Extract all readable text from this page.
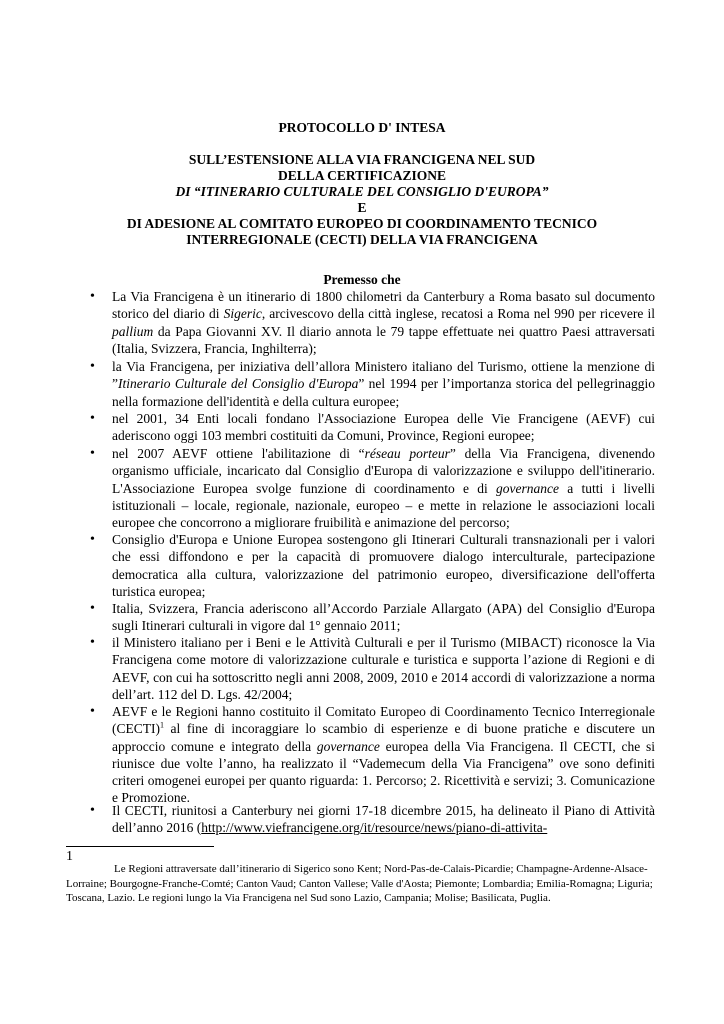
PROTOCOLLO D' INTESA

SULL’ESTENSIONE ALLA VIA FRANCIGENA NEL SUD

DELLA CERTIFICAZIONE

DI “ITINERARIO CULTURALE DEL CONSIGLIO D'EUROPA”

E

DI ADESIONE AL COMITATO EUROPEO DI COORDINAMENTO TECNICO

INTERREGIONALE (CECTI) DELLA VIA FRANCIGENA

Premesso che

• La Via Francigena è un itinerario di 1800 chilometri da Canterbury a Roma basato sul documento storico del diario di Sigeric, arcivescovo della città inglese, recatosi a Roma nel 990 per ricevere il pallium da Papa Giovanni XV. Il diario annota le 79 tappe effettuate nei quattro Paesi attraversati (Italia, Svizzera, Francia, Inghilterra);
• la Via Francigena, per iniziativa dell’allora Ministero italiano del Turismo, ottiene la menzione di ”Itinerario Culturale del Consiglio d'Europa” nel 1994 per l’importanza storica del pellegrinaggio nella formazione dell'identità e della cultura europee;
• nel 2001, 34 Enti locali fondano l'Associazione Europea delle Vie Francigene (AEVF) cui aderiscono oggi 103 membri costituiti da Comuni, Province, Regioni europee;
• nel 2007 AEVF ottiene l'abilitazione di “réseau porteur” della Via Francigena, divenendo organismo ufficiale, incaricato dal Consiglio d'Europa di valorizzazione e sviluppo dell'itinerario. L'Associazione Europea svolge funzione di coordinamento e di governance a tutti i livelli istituzionali – locale, regionale, nazionale, europeo – e mette in relazione le associazioni locali europee che concorrono a migliorare fruibilità e animazione del percorso;
• Consiglio d'Europa e Unione Europea sostengono gli Itinerari Culturali transnazionali per i valori che essi diffondono e per la capacità di promuovere dialogo interculturale, partecipazione democratica alla cultura, valorizzazione del patrimonio europeo, diversificazione dell'offerta turistica europea;
• Italia, Svizzera, Francia aderiscono all’Accordo Parziale Allargato (APA) del Consiglio d'Europa sugli Itinerari culturali in vigore dal 1° gennaio 2011;
• il Ministero italiano per i Beni e le Attività Culturali e per il Turismo (MIBACT) riconosce la Via Francigena come motore di valorizzazione culturale e turistica e supporta l’azione di Regioni e di AEVF, con cui ha sottoscritto negli anni 2008, 2009, 2010 e 2014 accordi di valorizzazione a norma dell’art. 112 del D. Lgs. 42/2004;
• AEVF e le Regioni hanno costituito il Comitato Europeo di Coordinamento Tecnico Interregionale (CECTI)$^1$ al fine di incoraggiare lo scambio di esperienze e di buone pratiche e discutere un approccio comune e integrato della governance europea della Via Francigena. Il CECTI, che si riunisce due volte l’anno, ha realizzato il “Vademecum della Via Francigena” ove sono definiti criteri omogenei europei per quanto riguarda: 1. Percorso; 2. Ricettività e servizi; 3. Comunicazione e Promozione.
• Il CECTI, riunitosi a Canterbury nei giorni 17-18 dicembre 2015, ha delineato il Piano di Attività dell’anno 2016 (http://www.viefrancigene.org/it/resource/news/piano-di-attivita-
1

Le Regioni attraversate dall’itinerario di Sigerico sono Kent; Nord-Pas-de-Calais-Picardie; Champagne-Ardenne-Alsace-Lorraine; Bourgogne-Franche-Comté; Canton Vaud; Canton Vallese; Valle d'Aosta; Piemonte; Lombardia; Emilia-Romagna; Liguria; Toscana, Lazio. Le regioni lungo la Via Francigena nel Sud sono Lazio, Campania; Molise; Basilicata, Puglia.
